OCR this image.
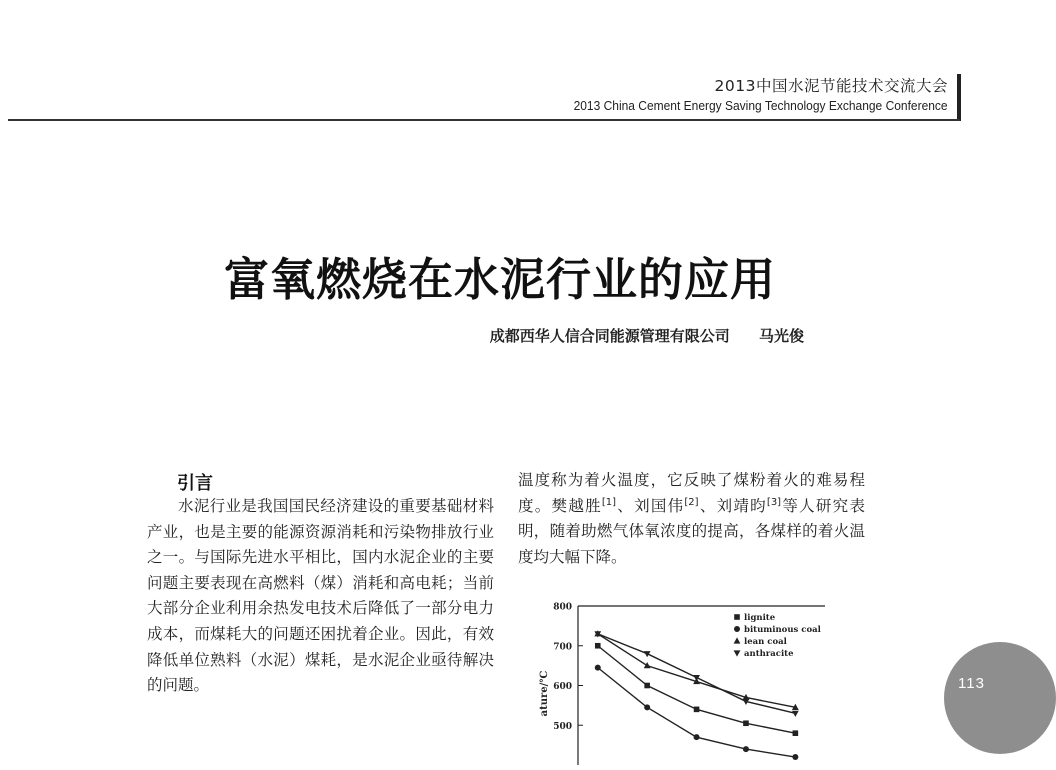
2013中国水泥节能技术交流大会
2013 China Cement Energy Saving Technology Exchange Conference
富氧燃烧在水泥行业的应用
成都西华人信合同能源管理有限公司 马光俊
引言

水泥行业是我国国民经济建设的重要基础材料产业，也是主要的能源资源消耗和污染物排放行业之一。与国际先进水平相比，国内水泥企业的主要问题主要表现在高燃料（煤）消耗和高电耗；当前大部分企业利用余热发电技术后降低了一部分电力成本，而煤耗大的问题还困扰着企业。因此，有效降低单位熟料（水泥）煤耗，是水泥企业亟待解决的问题。

温度称为着火温度，它反映了煤粉着火的难易程度。樊越胜[1]、刘国伟[2]、刘靖昀[3]等人研究表明，随着助燃气体氧浓度的提高，各煤样的着火温度均大幅下降。

800
700
600
500
ature/℃
lignite
bituminous coal
lean coal
anthracite
113
